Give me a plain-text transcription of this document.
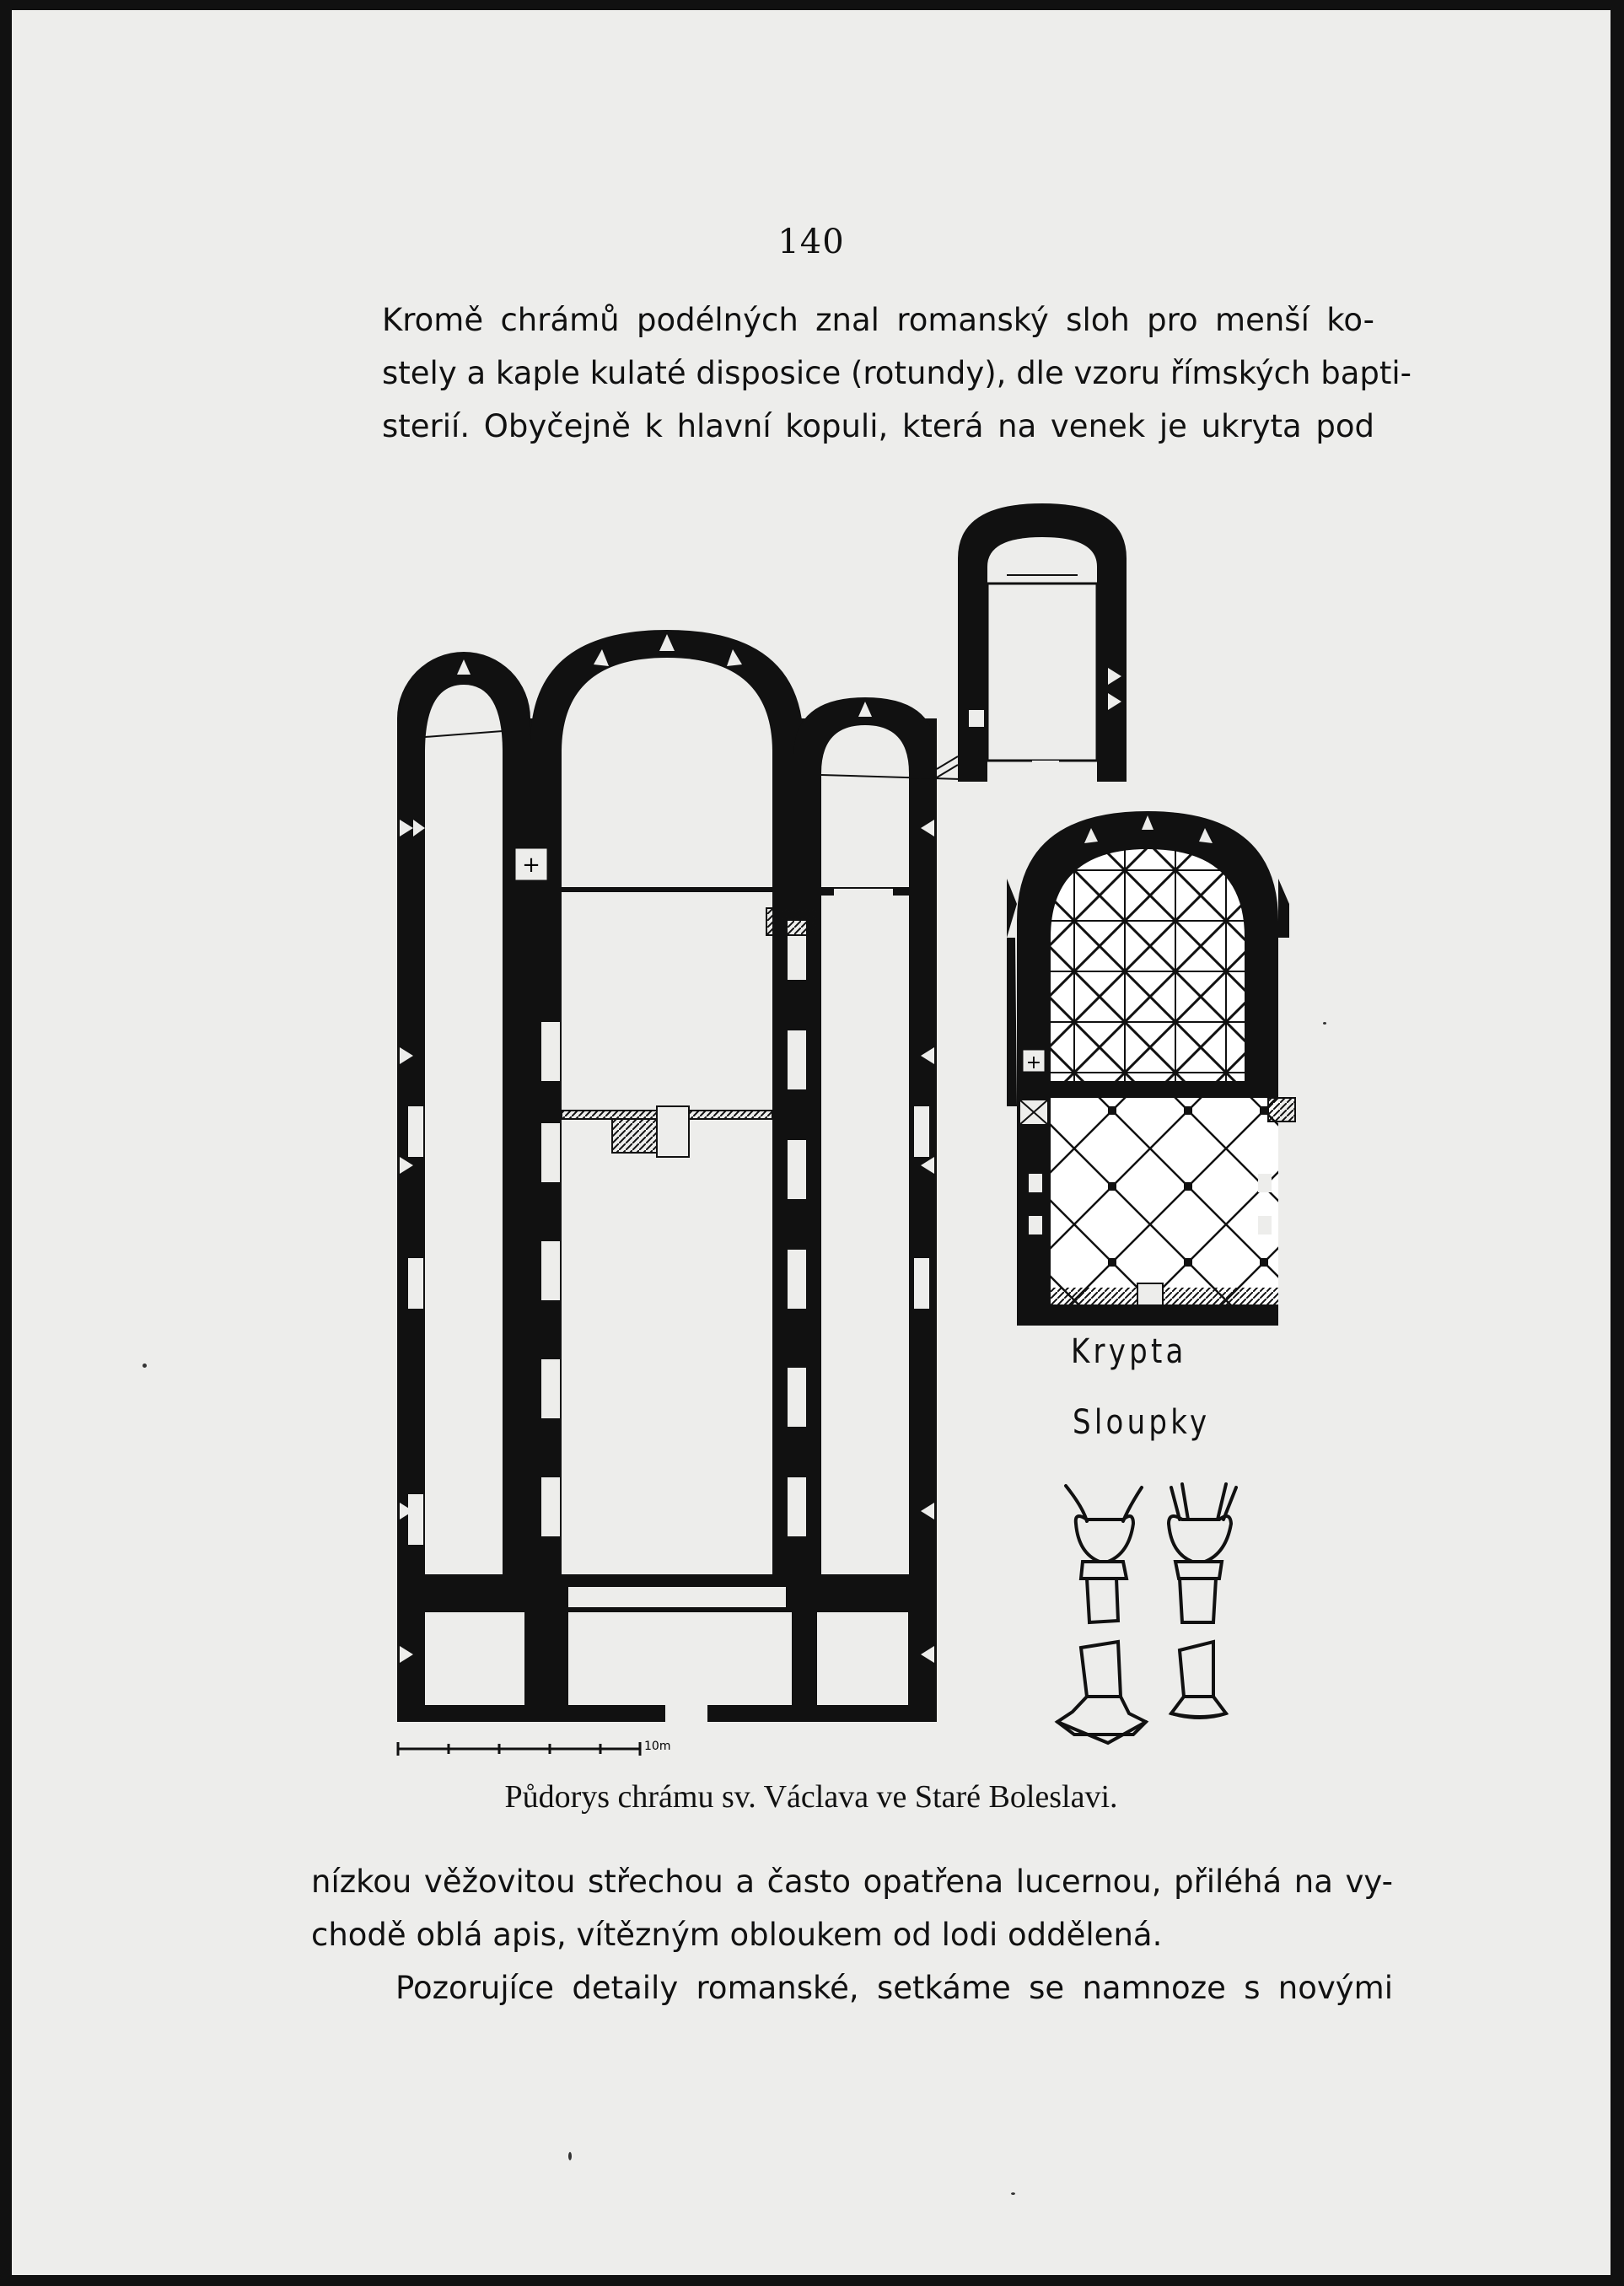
140
Kromě chrámů podélných znal romanský sloh pro menší ko-
stely a kaple kulaté disposice (rotundy), dle vzoru římských bapti-
sterií. Obyčejně k hlavní kopuli, která na venek je ukryta pod
+
+
10m
Krypta
Sloupky
Půdorys chrámu sv. Václava ve Staré Boleslavi.
nízkou věžovitou střechou a často opatřena lucernou, přiléhá na vy-
chodě oblá apis, vítězným obloukem od lodi oddělená.
Pozorujíce detaily romanské, setkáme se namnoze s novými
